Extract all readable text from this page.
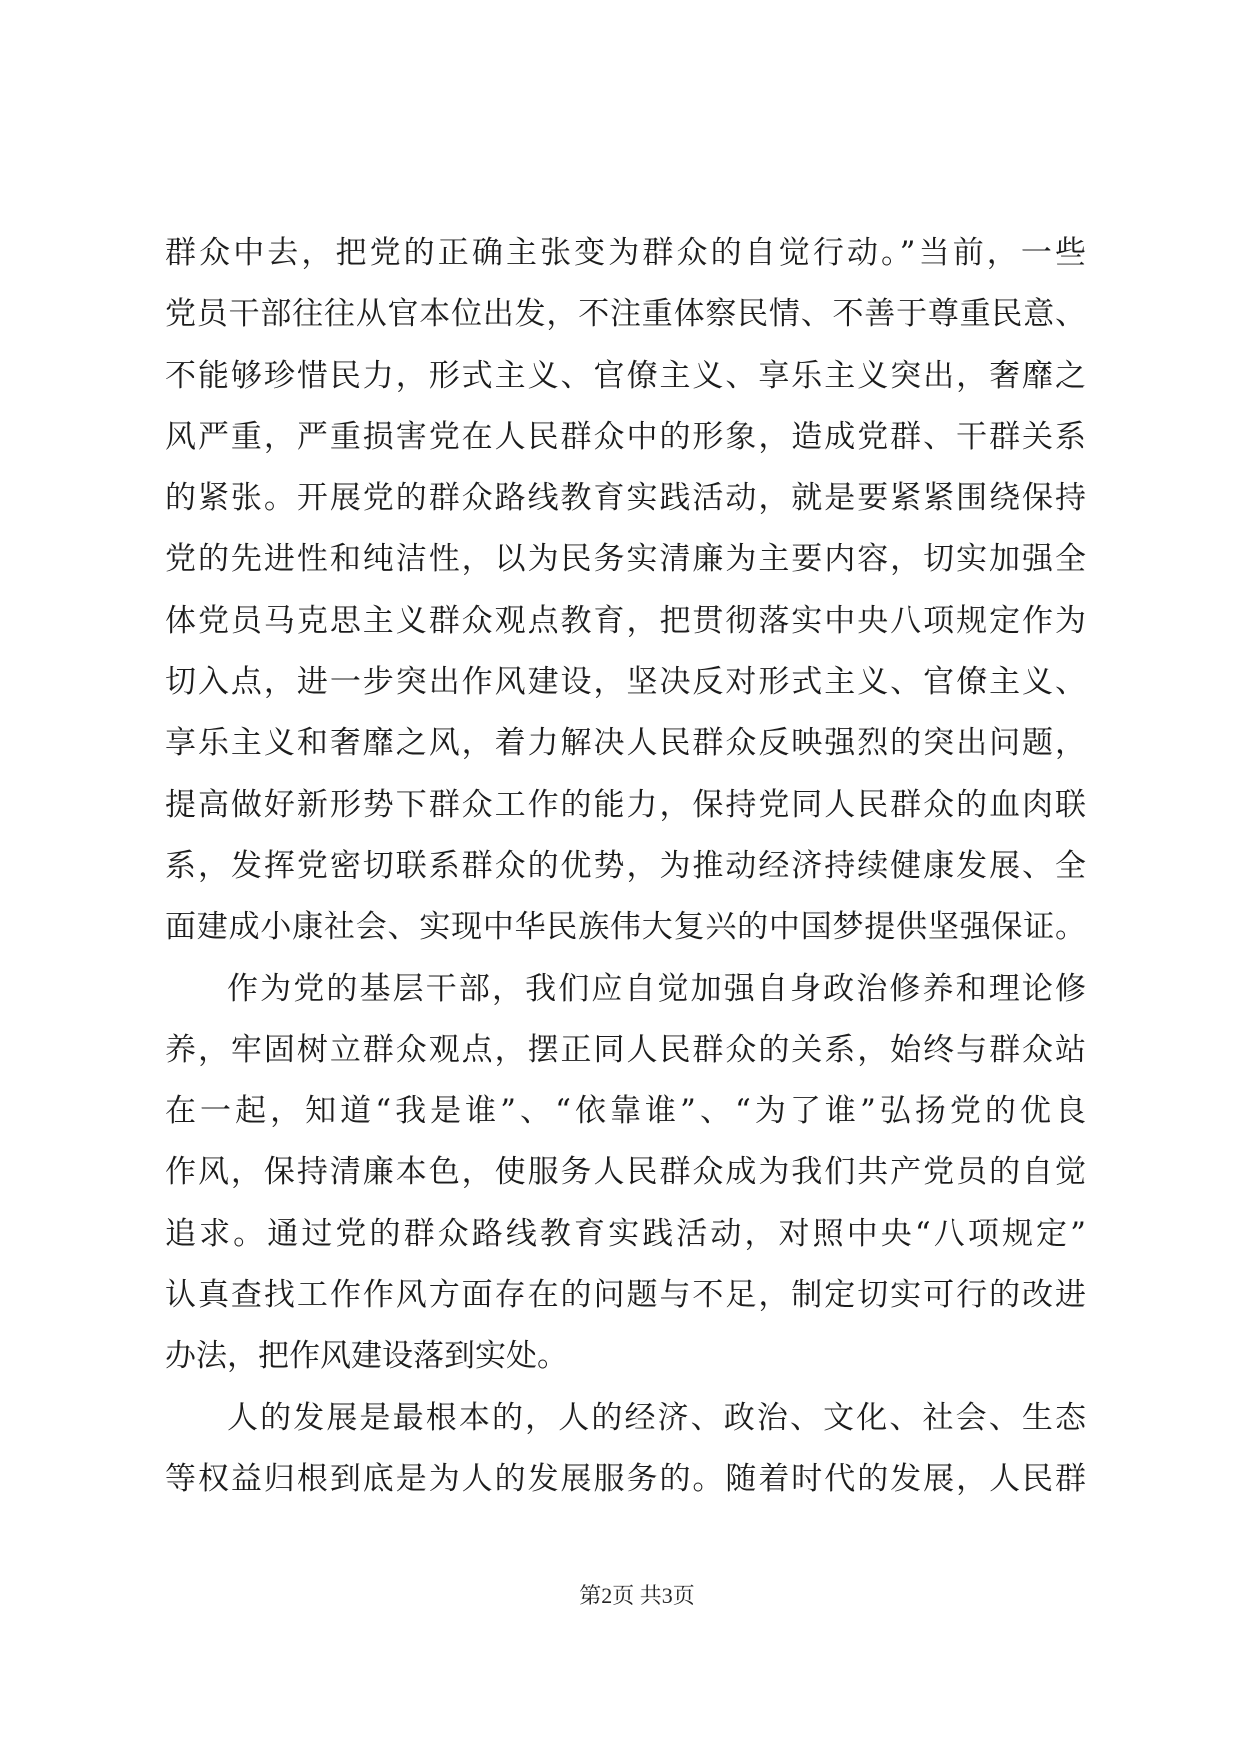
群众中去，把党的正确主张变为群众的自觉行动。”当前，一些
党员干部往往从官本位出发，不注重体察民情、不善于尊重民意、
不能够珍惜民力，形式主义、官僚主义、享乐主义突出，奢靡之
风严重，严重损害党在人民群众中的形象，造成党群、干群关系
的紧张。开展党的群众路线教育实践活动，就是要紧紧围绕保持
党的先进性和纯洁性，以为民务实清廉为主要内容，切实加强全
体党员马克思主义群众观点教育，把贯彻落实中央八项规定作为
切入点，进一步突出作风建设，坚决反对形式主义、官僚主义、
享乐主义和奢靡之风，着力解决人民群众反映强烈的突出问题，
提高做好新形势下群众工作的能力，保持党同人民群众的血肉联
系，发挥党密切联系群众的优势，为推动经济持续健康发展、全
面建成小康社会、实现中华民族伟大复兴的中国梦提供坚强保证。
作为党的基层干部，我们应自觉加强自身政治修养和理论修
养，牢固树立群众观点，摆正同人民群众的关系，始终与群众站
在一起，知道“我是谁”、“依靠谁”、“为了谁”弘扬党的优良
作风，保持清廉本色，使服务人民群众成为我们共产党员的自觉
追求。通过党的群众路线教育实践活动，对照中央“八项规定”
认真查找工作作风方面存在的问题与不足，制定切实可行的改进
办法，把作风建设落到实处。
人的发展是最根本的，人的经济、政治、文化、社会、生态
等权益归根到底是为人的发展服务的。随着时代的发展，人民群
第2页 共3页
